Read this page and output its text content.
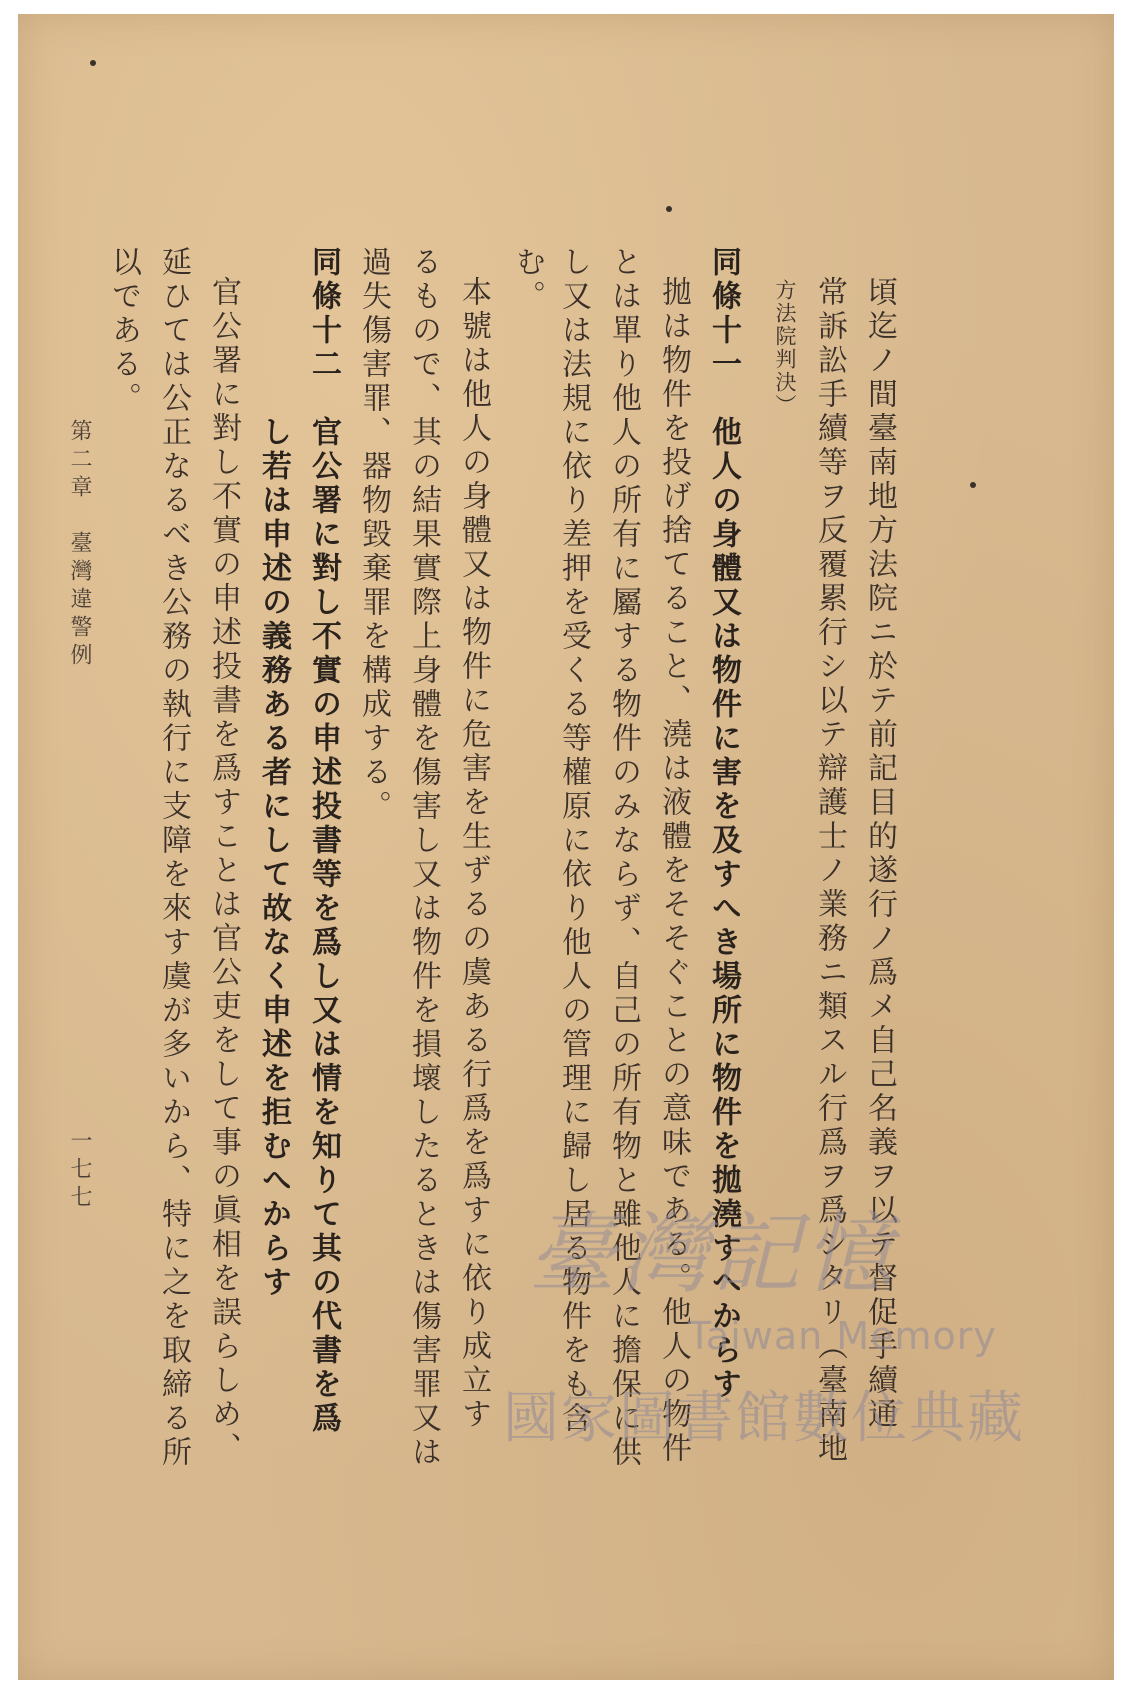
頃迄ノ間臺南地方法院ニ於テ前記目的遂行ノ爲メ自己名義ヲ以テ督促手續通
常訴訟手續等ヲ反覆累行シ以テ辯護士ノ業務ニ類スル行爲ヲ爲シタリ（臺南地
方法院判決）
同條十一　他人の身體又は物件に害を及すへき場所に物件を拋澆すへからす
拋は物件を投げ捨てること、澆は液體をそそぐことの意味である。他人の物件
とは單り他人の所有に屬する物件のみならず、自己の所有物と雖他人に擔保に供
し又は法規に依り差押を受くる等權原に依り他人の管理に歸し居る物件をも含
む。
本號は他人の身體又は物件に危害を生ずるの虞ある行爲を爲すに依り成立す
るもので、其の結果實際上身體を傷害し又は物件を損壞したるときは傷害罪又は
過失傷害罪、器物毀棄罪を構成する。
同條十二　官公署に對し不實の申述投書等を爲し又は情を知りて其の代書を爲
し若は申述の義務ある者にして故なく申述を拒むへからす
官公署に對し不實の申述投書を爲すことは官公吏をして事の眞相を誤らしめ、
延ひては公正なるべき公務の執行に支障を來す虞が多いから、特に之を取締る所
以である。
第二章　臺灣違警例
一七七
臺灣記憶
Taiwan Memory
國家圖書館數位典藏
